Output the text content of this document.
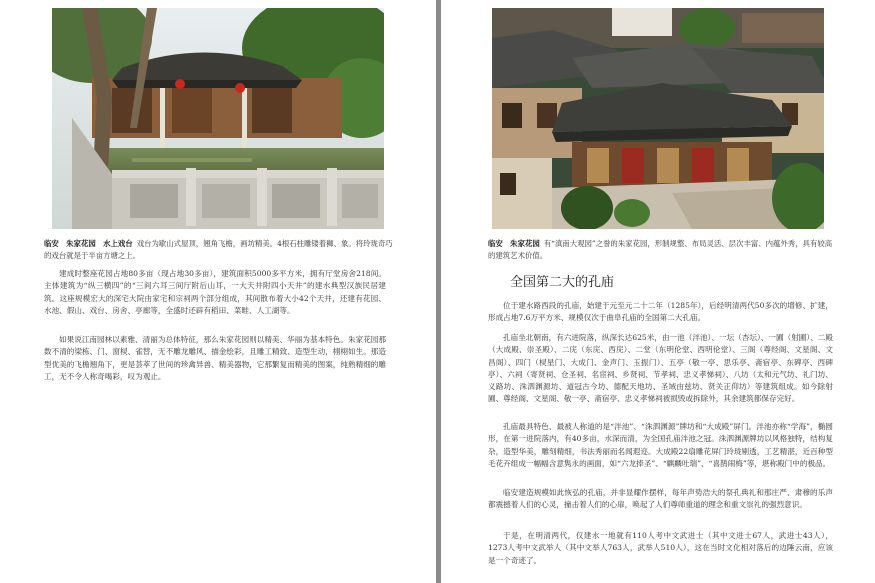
临安　朱家花园　水上戏台 戏台为歇山式屋顶，翘角飞檐，画坊精美。4根石柱雕镂着狮、象。将玲珑奇巧的戏台就是于半亩方塘之上。

建成时整座花园占地80多亩（现占地30多亩），建筑面积5000多平方米，拥有厅堂房舍218间。主体建筑为“纵三横四”的“三间六耳三间厅附后山耳，一大天井附四小天井”的建水典型汉族民居建筑。这座规模宏大的深宅大院由家宅和宗祠两个部分组成，其间散布着大小42个天井，还建有花园、水池、假山、戏台、房舍、亭廊等，全盛时还辟有稻田、菜畦、人工湖等。

如果说江南园林以素雅、清丽为总体特征，那么朱家花园则以精美、华丽为基本特色。朱家花园那数不清的梁栋、门、窗棂、雀替，无不雕龙雕风、描金绘彩，且雕工精致、造型生动，栩栩如生。那造型优美的飞檐翘角下，更是荟萃了世间的珍禽异兽、精美器物，它那繁复而精美的图案，纯熟精细的雕工，无不令人称奇喝彩，叹为观止。

临安　朱家花园 有“滇南大观园”之誉的朱家花园，形制规整、布局灵活、层次丰富、内蕴外秀，具有较高的建筑艺术价值。
全国第二大的孔庙

位于建水路西段的孔庙，始建于元至元二十二年（1285年），后经明清两代50多次的增修、扩建，形成占地7.6万平方米、规模仅次于曲阜孔庙的全国第二大孔庙。

孔庙坐北朝南，有六进院落，纵深长达625米，由一池（泮池）、一坛（杏坛）、一圃（射圃）、二殿（大成殿、崇圣殿）、二庑（东庑、西庑）、二堂（东明伦堂、西明伦堂）、三阁（尊经阁、文星阁、文昌阁）、四门（棂星门、大成门、金声门、玉振门）、五亭（敬一亭、思乐亭、斋宿亭、东碑亭、西碑亭）、六祠（寄贤祠、仓圣祠、名宦祠、乡贤祠、节孝祠、忠义孝悌祠）、八坊（太和元气坊、礼门坊、义路坊、洙泗渊源坊、道冠古今坊、德配天地坊、圣域由兹坊、贤关正仰坊）等建筑组成。如今除射圃、尊经阁、文星阁、敬一亭、斋宿亭、忠义孝悌祠被损毁或拆除外，其余建筑都保存完好。

孔庙最具特色、最被人称道的是“泮池”、“洙泗渊源”牌坊和“大成殿”屏门。泮池亦称“学海”，椭圆形，在第一进院落内，有40多亩，水深而清，为全国孔庙泮池之冠。洙泗渊源牌坊以风格独特，结构复杂，造型华美，雕刻精细，书法秀丽而名闻遐迩。大成殿22扇雕花屏门玲珑剔透，工艺精湛，近百种型毛花卉组成一幅幅含意隽永的画面，如“六龙捧圣”、“麒麟吐瑞”、“喜鹊闹梅”等，堪称殿门中的极品。

临安建造规模如此恢弘的孔庙，并非显耀作摆样，每年声势浩大的祭孔典礼和那庄严、肃穆的乐声都震撼着人们的心灵，撞击着人们的心扉，唤起了人们尊师重道的理念和重文崇礼的强烈意识。

于是，在明清两代，仅建水一地就有110人考中文武进士（其中文进士67人，武进士43人），1273人考中文武举人（其中文举人763人，武举人510人），这在当时文化相对落后的边陲云南，应该是一个奇迹了。
